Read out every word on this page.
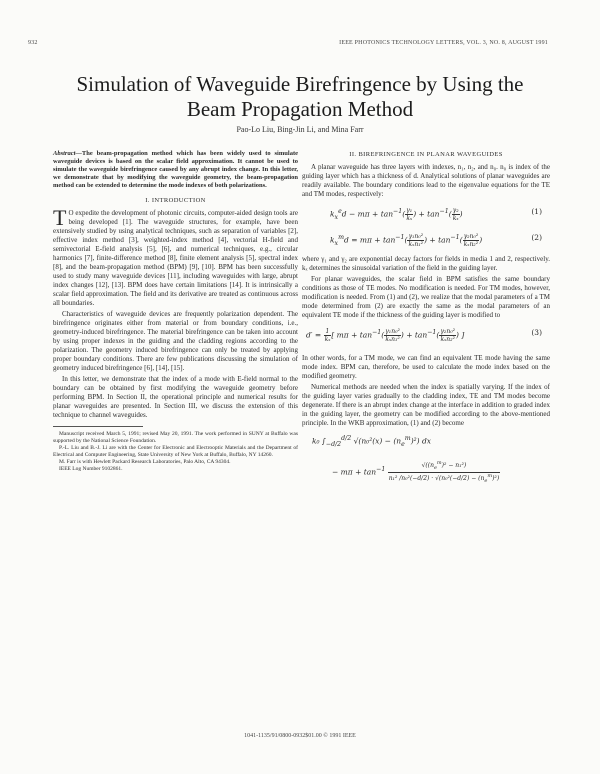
932	IEEE PHOTONICS TECHNOLOGY LETTERS, VOL. 3, NO. 8, AUGUST 1991
Simulation of Waveguide Birefringence by Using the Beam Propagation Method
Pao-Lo Liu, Bing-Jin Li, and Mina Farr

Abstract—The beam-propagation method which has been widely used to simulate waveguide devices is based on the scalar field approximation. It cannot be used to simulate the waveguide birefringence caused by any abrupt index change. In this letter, we demonstrate that by modifying the waveguide geometry, the beam-propagation method can be extended to determine the mode indexes of both polarizations.

I. INTRODUCTION

T O expedite the development of photonic circuits, computer-aided design tools are being developed [1]. The waveguide structures, for example, have been extensively studied by using analytical techniques, such as separation of variables [2], effective index method [3], weighted-index method [4], vectorial H-field and semivectorial E-field analysis [5], [6], and numerical techniques, e.g., circular harmonics [7], finite-difference method [8], finite element analysis [5], spectral index [8], and the beam-propagation method (BPM) [9], [10]. BPM has been successfully used to study many waveguide devices [11], including waveguides with large, abrupt index changes [12], [13]. BPM does have certain limitations [14]. It is intrinsically a scalar field approximation. The field and its derivative are treated as continuous across all boundaries.

Characteristics of waveguide devices are frequently polarization dependent. The birefringence originates either from material or from boundary conditions, i.e., geometry-induced birefringence. The material birefringence can be taken into account by using proper indexes in the guiding and the cladding regions according to the polarization. The geometry induced birefringence can only be treated by applying proper boundary conditions. There are few publications discussing the simulation of geometry induced birefringence [6], [14], [15].

In this letter, we demonstrate that the index of a mode with E-field normal to the boundary can be obtained by first modifying the waveguide geometry before performing BPM. In Section II, the operational principle and numerical results for planar waveguides are presented. In Section III, we discuss the extension of this technique to channel waveguides.

Manuscript received March 5, 1991; revised May 20, 1991. The work performed in SUNY at Buffalo was supported by the National Science Foundation.

P.-L. Liu and B.-J. Li are with the Center for Electronic and Electrooptic Materials and the Department of Electrical and Computer Engineering, State University of New York at Buffalo, Buffalo, NY 14260.

M. Farr is with Hewlett Packard Research Laboratories, Palo Alto, CA 94304.

IEEE Log Number 9102861.

II. BIREFRINGENCE IN PLANAR WAVEGUIDES

A planar waveguide has three layers with indexes, n₁, n₂, and n₀. n₀ is index of the guiding layer which has a thickness of d. Analytical solutions of planar waveguides are readily available. The boundary conditions lead to the eigenvalue equations for the TE and TM modes, respectively:

$k_x^ed - m\pi + \tan^{-1}( \frac{\text{γ₁}}{\text{kₓ}}$ ) + $\tan^{-1}( \frac{\text{γ₂}}{\text{kₓ}}$ )	(1)
$k_x^md = m\pi + \tan^{-1}( \frac{\text{γ₁n₀²}}{\text{kₓn₁²}}$ ) + $\tan^{-1}( \frac{\text{γ₂n₀²}}{\text{kₓn₂²}}$ )	(2)

where γ₁ and γ₂ are exponential decay factors for fields in media 1 and 2, respectively. kₓ determines the sinusoidal variation of the field in the guiding layer.

For planar waveguides, the scalar field in BPM satisfies the same boundary conditions as those of TE modes. No modification is needed. For TM modes, however, modification is needed. From (1) and (2), we realize that the modal parameters of a TM mode determined from (2) are exactly the same as the modal parameters of an equivalent TE mode if the thickness of the guiding layer is modified to

$d' = \frac{1}{\text{kₓ}}$ [ $m\pi + \tan^{-1}( \frac{\text{γ₁n₀²}}{\text{kₓn₁²}}$ ) + $\tan^{-1}( \frac{\text{γ₂n₀²}}{\text{kₓn₂²}}$ ) ]	(3)

In other words, for a TM mode, we can find an equivalent TE mode having the same mode index. BPM can, therefore, be used to calculate the mode index based on the modified geometry.

Numerical methods are needed when the index is spatially varying. If the index of the guiding layer varies gradually to the cladding index, TE and TM modes become degenerate. If there is an abrupt index change at the interface in addition to graded index in the guiding layer, the geometry can be modified according to the above-mentioned principle. In the WKB approximation, (1) and (2) become

k₀ $\int_{-d/2}^{d/2}$ $√(n_0^2(x) - (n_e^m)^2)$ dx
− $m\pi + \tan^{-1} \frac{√((n_e^m)^2 - n_1^2)}{n_1^2 /n_0^2(-d/2) \cdot √(n_0^2(-d/2) - (n_e^m)^2)}$
1041-1135/91/0800-0932$01.00 © 1991 IEEE
